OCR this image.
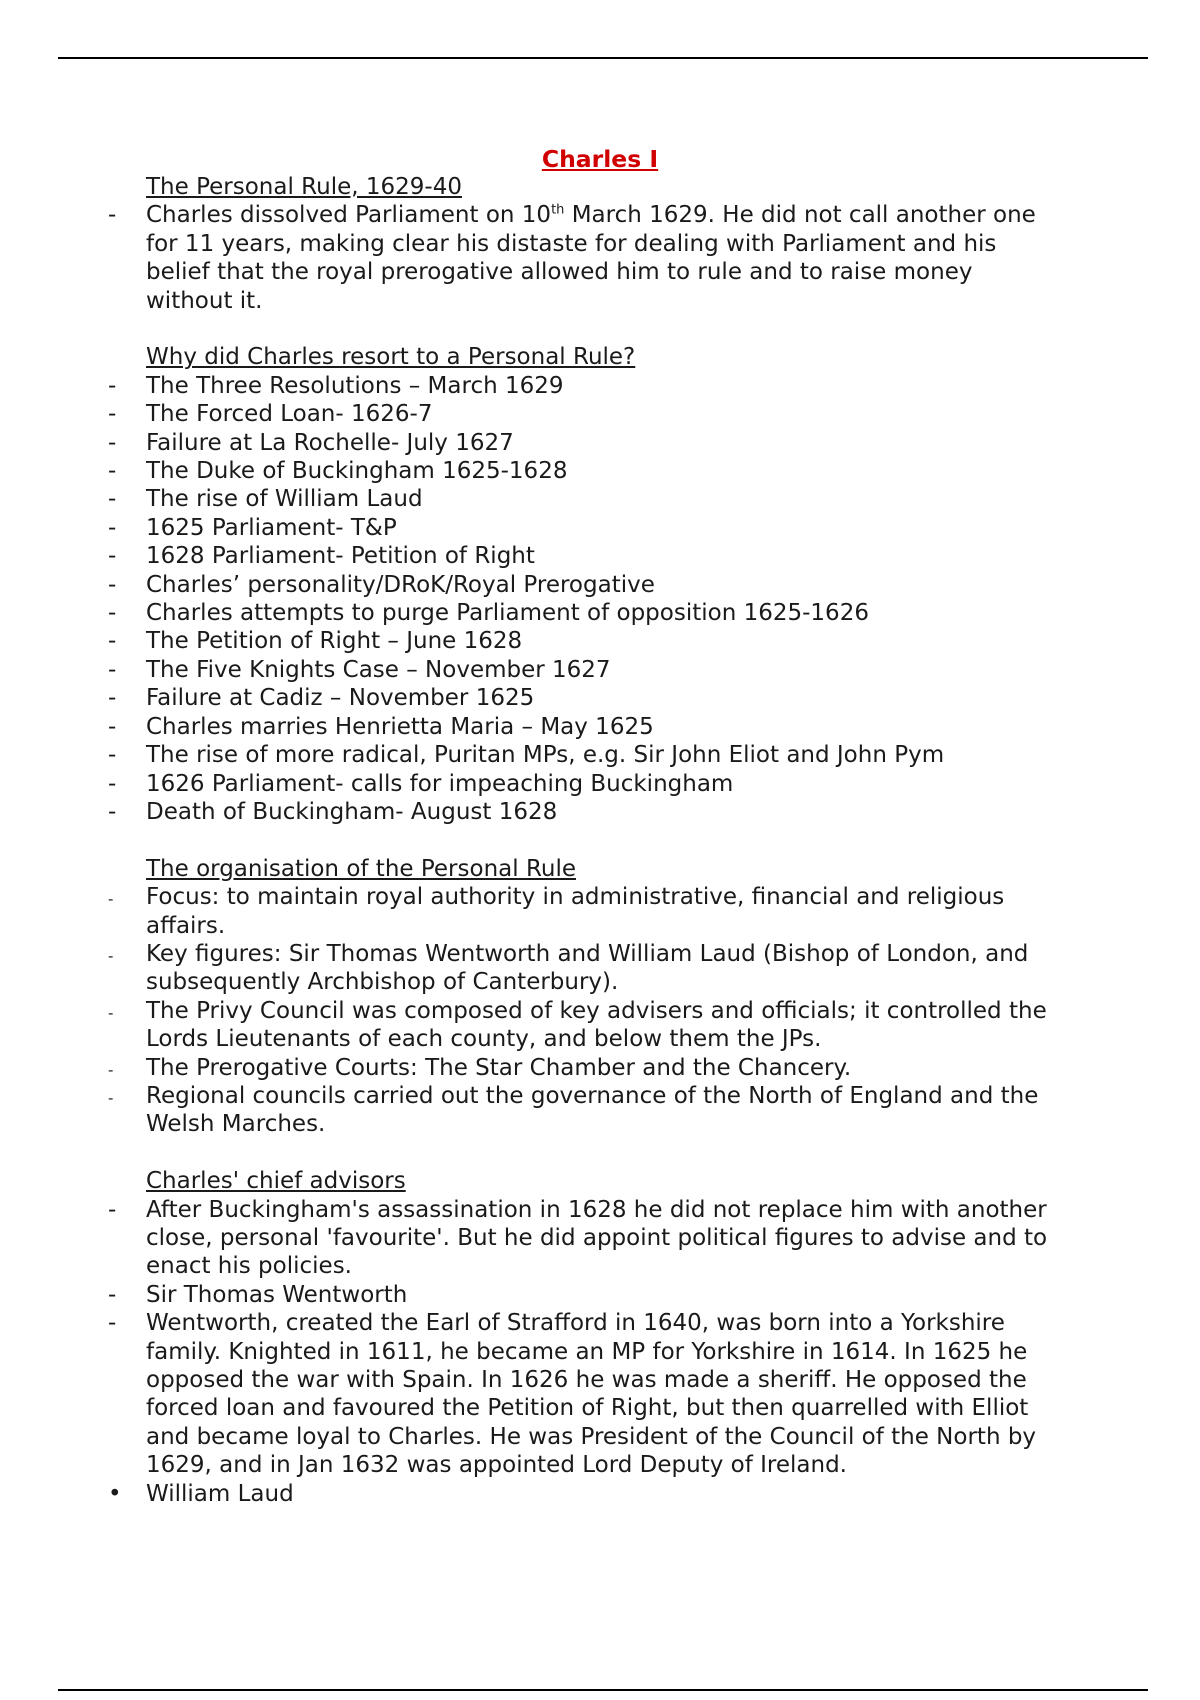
Charles I
The Personal Rule, 1629-40
-	Charles dissolved Parliament on 10th March 1629. He did not call another one for 11 years, making clear his distaste for dealing with Parliament and his belief that the royal prerogative allowed him to rule and to raise money without it.
Why did Charles resort to a Personal Rule?
-	The Three Resolutions – March 1629
-	The Forced Loan- 1626-7
-	Failure at La Rochelle- July 1627
-	The Duke of Buckingham 1625-1628
-	The rise of William Laud
-	1625 Parliament- T&P
-	1628 Parliament- Petition of Right
-	Charles’ personality/DRoK/Royal Prerogative
-	Charles attempts to purge Parliament of opposition 1625-1626
-	The Petition of Right – June 1628
-	The Five Knights Case – November 1627
-	Failure at Cadiz – November 1625
-	Charles marries Henrietta Maria – May 1625
-	The rise of more radical, Puritan MPs, e.g. Sir John Eliot and John Pym
-	1626 Parliament- calls for impeaching Buckingham
-	Death of Buckingham- August 1628
The organisation of the Personal Rule
-	Focus: to maintain royal authority in administrative, financial and religious affairs.
-	Key figures: Sir Thomas Wentworth and William Laud (Bishop of London, and subsequently Archbishop of Canterbury).
-	The Privy Council was composed of key advisers and officials; it controlled the Lords Lieutenants of each county, and below them the JPs.
-	The Prerogative Courts: The Star Chamber and the Chancery.
-	Regional councils carried out the governance of the North of England and the Welsh Marches.
Charles' chief advisors
-	After Buckingham's assassination in 1628 he did not replace him with another close, personal 'favourite'. But he did appoint political figures to advise and to enact his policies.
-	Sir Thomas Wentworth
-	Wentworth, created the Earl of Strafford in 1640, was born into a Yorkshire family. Knighted in 1611, he became an MP for Yorkshire in 1614. In 1625 he opposed the war with Spain. In 1626 he was made a sheriff. He opposed the forced loan and favoured the Petition of Right, but then quarrelled with Elliot and became loyal to Charles. He was President of the Council of the North by 1629, and in Jan 1632 was appointed Lord Deputy of Ireland.
• William Laud
